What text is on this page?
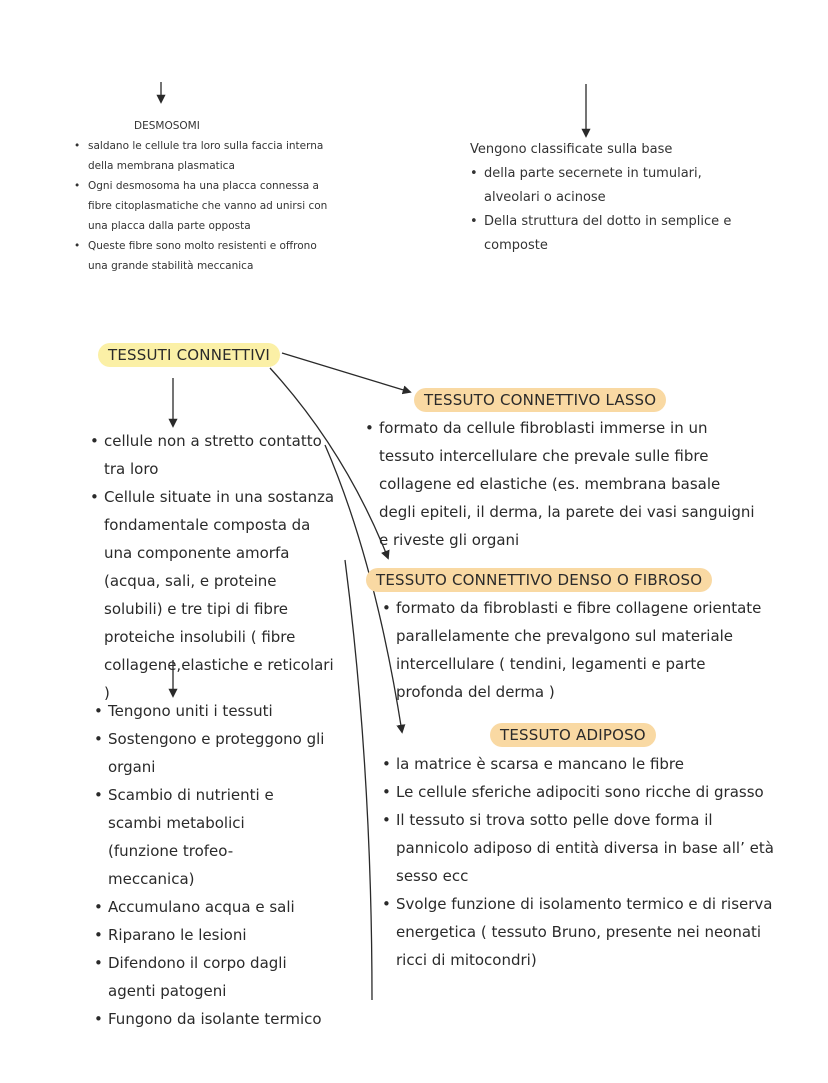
DESMOSOMI
• saldano le cellule tra loro sulla faccia interna della membrana plasmatica
• Ogni desmosoma ha una placca connessa a fibre citoplasmatiche che vanno ad unirsi con una placca dalla parte opposta
• Queste fibre sono molto resistenti e offrono una grande stabilità meccanica
Vengono classificate sulla base
• della parte secernete in tumulari, alveolari o acinose
• Della struttura del dotto in semplice e composte
TESSUTI CONNETTIVI
• cellule non a stretto contatto tra loro
• Cellule situate in una sostanza fondamentale composta da una componente amorfa (acqua, sali, e proteine solubili) e tre tipi di fibre proteiche insolubili ( fibre collagene,elastiche e reticolari )
• Tengono uniti i tessuti
• Sostengono e proteggono gli organi
• Scambio di nutrienti e scambi metabolici (funzione trofeo-meccanica)
• Accumulano acqua e sali
• Riparano le lesioni
• Difendono il corpo dagli agenti patogeni
• Fungono da isolante termico
TESSUTO CONNETTIVO LASSO
• formato da cellule fibroblasti immerse in un tessuto intercellulare che prevale sulle fibre collagene ed elastiche (es. membrana basale degli epiteli, il derma, la parete dei vasi sanguigni e riveste gli organi
TESSUTO CONNETTIVO DENSO O FIBROSO
• formato da fibroblasti e fibre collagene orientate parallelamente che prevalgono sul materiale intercellulare ( tendini, legamenti e parte profonda del derma )
TESSUTO ADIPOSO
• la matrice è scarsa e mancano le fibre
• Le cellule sferiche adipociti sono ricche di grasso
• Il tessuto si trova sotto pelle dove forma il pannicolo adiposo di entità diversa in base all’ età sesso ecc
• Svolge funzione di isolamento termico e di riserva energetica ( tessuto Bruno, presente nei neonati ricci di mitocondri)
